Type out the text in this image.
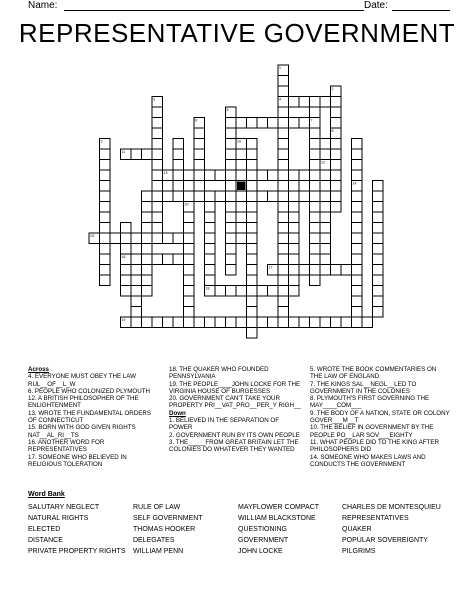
Name:	Date:
REPRESENTATIVE GOVERNMENT
1
2
3	4
5
6	7
8
9	10
11
12
13
14
15
16
17
18
19
20
Across
4. EVERYONE MUST OBEY THE LAW RUL__OF__L_W
6. PEOPLE WHO COLONIZED PLYMOUTH
12. A BRITISH PHILOSOPHER OF THE ENLIGHTENMENT
13. WROTE THE FUNDAMENTAL ORDERS OF CONNECTICUT
15. BORN WITH GOD GIVEN RIGHTS NAT__AL_RI__TS
16. ANOTHER WORD FOR REPRESENTATIVES
17. SOMEONE WHO BELIEVED IN RELIGIOUS TOLERATION
18. THE QUAKER WHO FOUNDED PENNSYLVANIA
19. THE PEOPLE____JOHN LOCKE FOR THE VIRGINIA HOUSE OF BURGESSES
20. GOVERNMENT CAN'T TAKE YOUR PROPERTY PRI__VAT_PRO__PER_Y RIGH__
Down
1. BELIEVED IN THE SEPARATION OF POWER
2. GOVERNMENT RUN BY ITS OWN PEOPLE
3. THE_____FROM GREAT BRITAIN LET THE COLONIES DO WHATEVER THEY WANTED
5. WROTE THE BOOK COMMENTARIES ON THE LAW OF ENGLAND
7. THE KINGS SAL__NEGL__LED TO GOVERNMENT IN THE COLONIES
8. PLYMOUTH'S FIRST GOVERNING THE MAY____COM___
9. THE BODY OF A NATION, STATE OR COLONY GOVER___M__T
10. THE BELIEF IN GOVERNMENT BY THE PEOPLE PO__LAR SOV___EIGHTY
11. WHAT PEOPLE DID TO THE KING AFTER PHILOSOPHERS DID
14. SOMEONE WHO MAKES LAWS AND CONDUCTS THE GOVERNMENT
Word Bank
SALUTARY NEGLECT
NATURAL RIGHTS
ELECTED
DISTANCE
PRIVATE PROPERTY RIGHTS
RULE OF LAW
SELF GOVERNMENT
THOMAS HOOKER
DELEGATES
WILLIAM PENN
MAYFLOWER COMPACT
WILLIAM BLACKSTONE
QUESTIONING
GOVERNMENT
JOHN LOCKE
CHARLES DE MONTESQUIEU
REPRESENTATIVES
QUAKER
POPULAR SOVEREIGNTY
PILGRIMS
